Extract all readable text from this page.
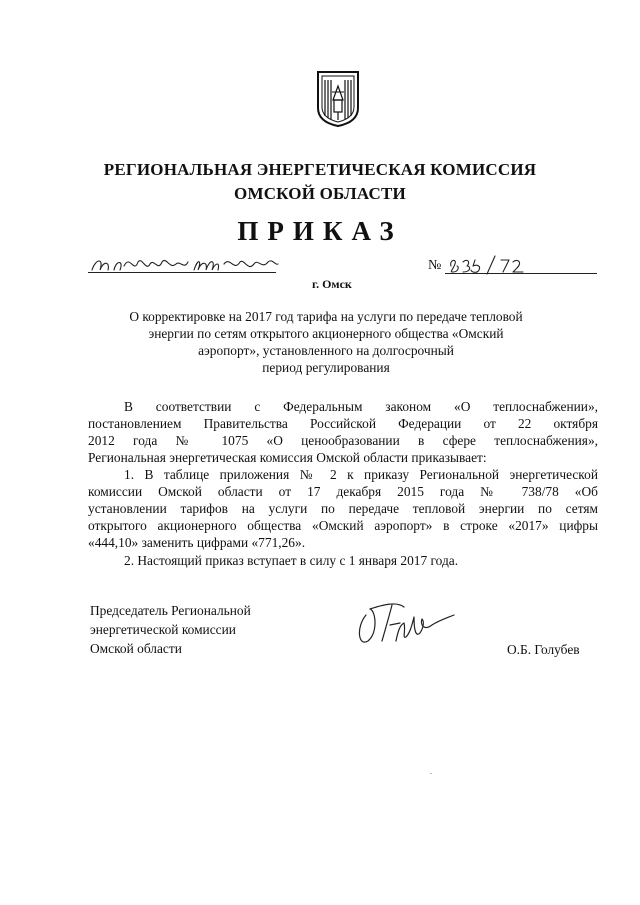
РЕГИОНАЛЬНАЯ ЭНЕРГЕТИЧЕСКАЯ КОМИССИЯ
ОМСКОЙ ОБЛАСТИ
ПРИКАЗ
г. Омск
№
О корректировке на 2017 год тарифа на услуги по передаче тепловой
энергии по сетям открытого акционерного общества «Омский
аэропорт», установленного на долгосрочный
период регулирования
В соответствии с Федеральным законом «О теплоснабжении»,
постановлением Правительства Российской Федерации от 22 октября
2012 года № 1075 «О ценообразовании в сфере теплоснабжения»,
Региональная энергетическая комиссия Омской области приказывает:
1. В таблице приложения № 2 к приказу Региональной энергетической
комиссии Омской области от 17 декабря 2015 года № 738/78 «Об
установлении тарифов на услуги по передаче тепловой энергии по сетям
открытого акционерного общества «Омский аэропорт» в строке «2017» цифры
«444,10» заменить цифрами «771,26».
2. Настоящий приказ вступает в силу с 1 января 2017 года.
Председатель Региональной
энергетической комиссии
Омской области	О.Б. Голубев
